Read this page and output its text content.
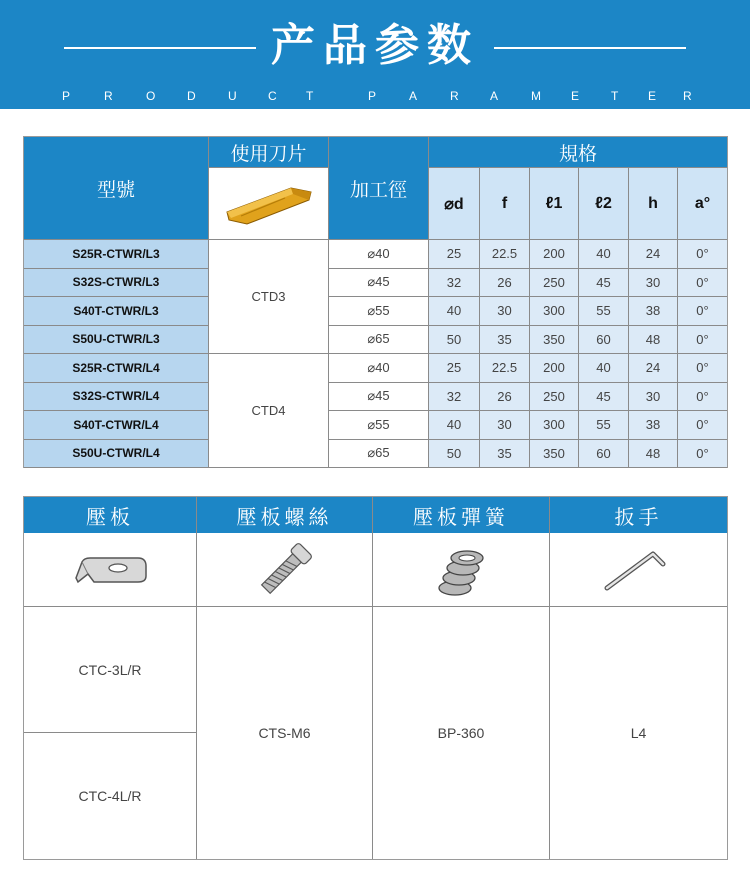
产品参数
P	R	O	D	U	C T	P	A	R	A	M	E	T E R
型號
使用刀片
加工徑
規格
⌀d	f	ℓ1	ℓ2	h	a°
S25R-CTWR/L3	⌀40	25	22.5	200	40	24	0°
S32S-CTWR/L3	⌀45	32	26	250	45	30	0°
S40T-CTWR/L3	⌀55	40	30	300	55	38	0°
S50U-CTWR/L3	⌀65	50	35	350	60	48	0°
S25R-CTWR/L4	⌀40	25	22.5	200	40	24	0°
S32S-CTWR/L4	⌀45	32	26	250	45	30	0°
S40T-CTWR/L4	⌀55	40	30	300	55	38	0°
S50U-CTWR/L4	⌀65	50	35	350	60	48	0°
CTD3
CTD4
壓板	壓板螺絲	壓板彈簧	扳手
CTC-3L/R
CTC-4L/R
CTS-M6	BP-360	L4
